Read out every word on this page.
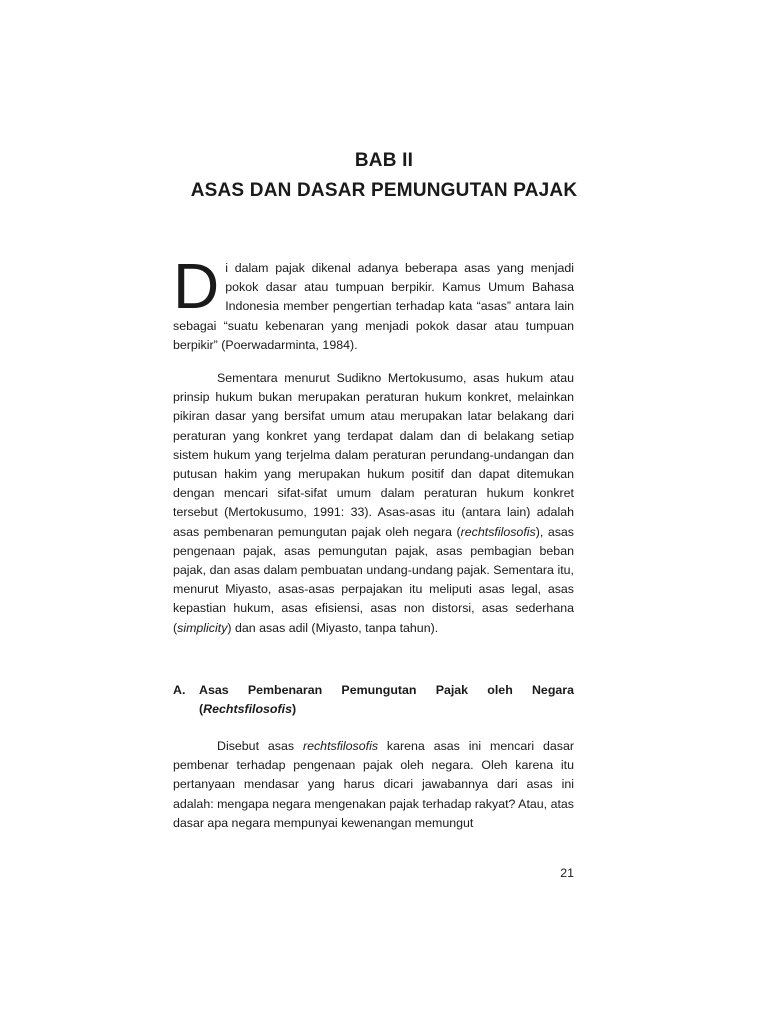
BAB II
ASAS DAN DASAR PEMUNGUTAN PAJAK
Di dalam pajak dikenal adanya beberapa asas yang menjadi pokok dasar atau tumpuan berpikir. Kamus Umum Bahasa Indonesia member pengertian terhadap kata “asas” antara lain sebagai “suatu kebenaran yang menjadi pokok dasar atau tumpuan berpikir” (Poerwadarminta, 1984).
Sementara menurut Sudikno Mertokusumo, asas hukum atau prinsip hukum bukan merupakan peraturan hukum konkret, melainkan pikiran dasar yang bersifat umum atau merupakan latar belakang dari peraturan yang konkret yang terdapat dalam dan di belakang setiap sistem hukum yang terjelma dalam peraturan perundang-undangan dan putusan hakim yang merupakan hukum positif dan dapat ditemukan dengan mencari sifat-sifat umum dalam peraturan hukum konkret tersebut (Mertokusumo, 1991: 33). Asas-asas itu (antara lain) adalah asas pembenaran pemungutan pajak oleh negara (rechtsfilosofis), asas pengenaan pajak, asas pemungutan pajak, asas pembagian beban pajak, dan asas dalam pembuatan undang-undang pajak. Sementara itu, menurut Miyasto, asas-asas perpajakan itu meliputi asas legal, asas kepastian hukum, asas efisiensi, asas non distorsi, asas sederhana (simplicity) dan asas adil (Miyasto, tanpa tahun).
A. Asas Pembenaran Pemungutan Pajak oleh Negara
(Rechtsfilosofis)
Disebut asas rechtsfilosofis karena asas ini mencari dasar pembenar terhadap pengenaan pajak oleh negara. Oleh karena itu pertanyaan mendasar yang harus dicari jawabannya dari asas ini adalah: mengapa negara mengenakan pajak terhadap rakyat? Atau, atas dasar apa negara mempunyai kewenangan memungut
21
